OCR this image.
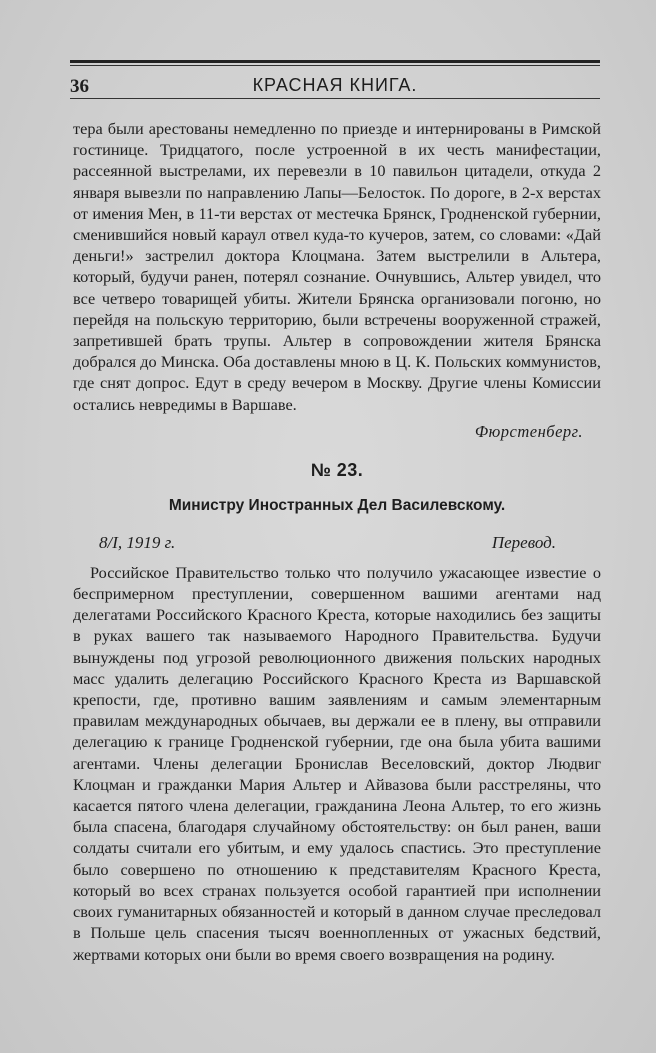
36	КРАСНАЯ КНИГА.

тера были арестованы немедленно по приезде и интернированы в Римской гостинице. Тридцатого, после устроенной в их честь манифестации, рассеянной выстрелами, их перевезли в 10 павильон цитадели, откуда 2 января вывезли по направлению Лапы—Белосток. По дороге, в 2-х верстах от имения Мен, в 11-ти верстах от местечка Брянск, Гродненской губернии, сменившийся новый караул отвел куда-то кучеров, затем, со словами: «Дай деньги!» застрелил доктора Клоцмана. Затем выстрелили в Альтера, который, будучи ранен, потерял сознание. Очнувшись, Альтер увидел, что все четверо товарищей убиты. Жители Брянска организовали погоню, но перейдя на польскую территорию, были встречены вооруженной стражей, запретившей брать трупы. Альтер в сопровождении жителя Брянска добрался до Минска. Оба доставлены мною в Ц. К. Польских коммунистов, где снят допрос. Едут в среду вечером в Москву. Другие члены Комиссии остались невредимы в Варшаве.

Фюрстенберг.
№ 23.
Министру Иностранных Дел Василевскому.
8/I, 1919 г.	Перевод.

Российское Правительство только что получило ужасающее известие о беспримерном преступлении, совершенном вашими агентами над делегатами Российского Красного Креста, которые находились без защиты в руках вашего так называемого Народного Правительства. Будучи вынуждены под угрозой революционного движения польских народных масс удалить делегацию Российского Красного Креста из Варшавской крепости, где, противно вашим заявлениям и самым элементарным правилам международных обычаев, вы держали ее в плену, вы отправили делегацию к границе Гродненской губернии, где она была убита вашими агентами. Члены делегации Бронислав Веселовский, доктор Людвиг Клоцман и гражданки Мария Альтер и Айвазова были расстреляны, что касается пятого члена делегации, гражданина Леона Альтер, то его жизнь была спасена, благодаря случайному обстоятельству: он был ранен, ваши солдаты считали его убитым, и ему удалось спастись. Это преступление было совершено по отношению к представителям Красного Креста, который во всех странах пользуется особой гарантией при исполнении своих гуманитарных обязанностей и который в данном случае преследовал в Польше цель спасения тысяч военнопленных от ужасных бедствий, жертвами которых они были во время своего возвращения на родину.
